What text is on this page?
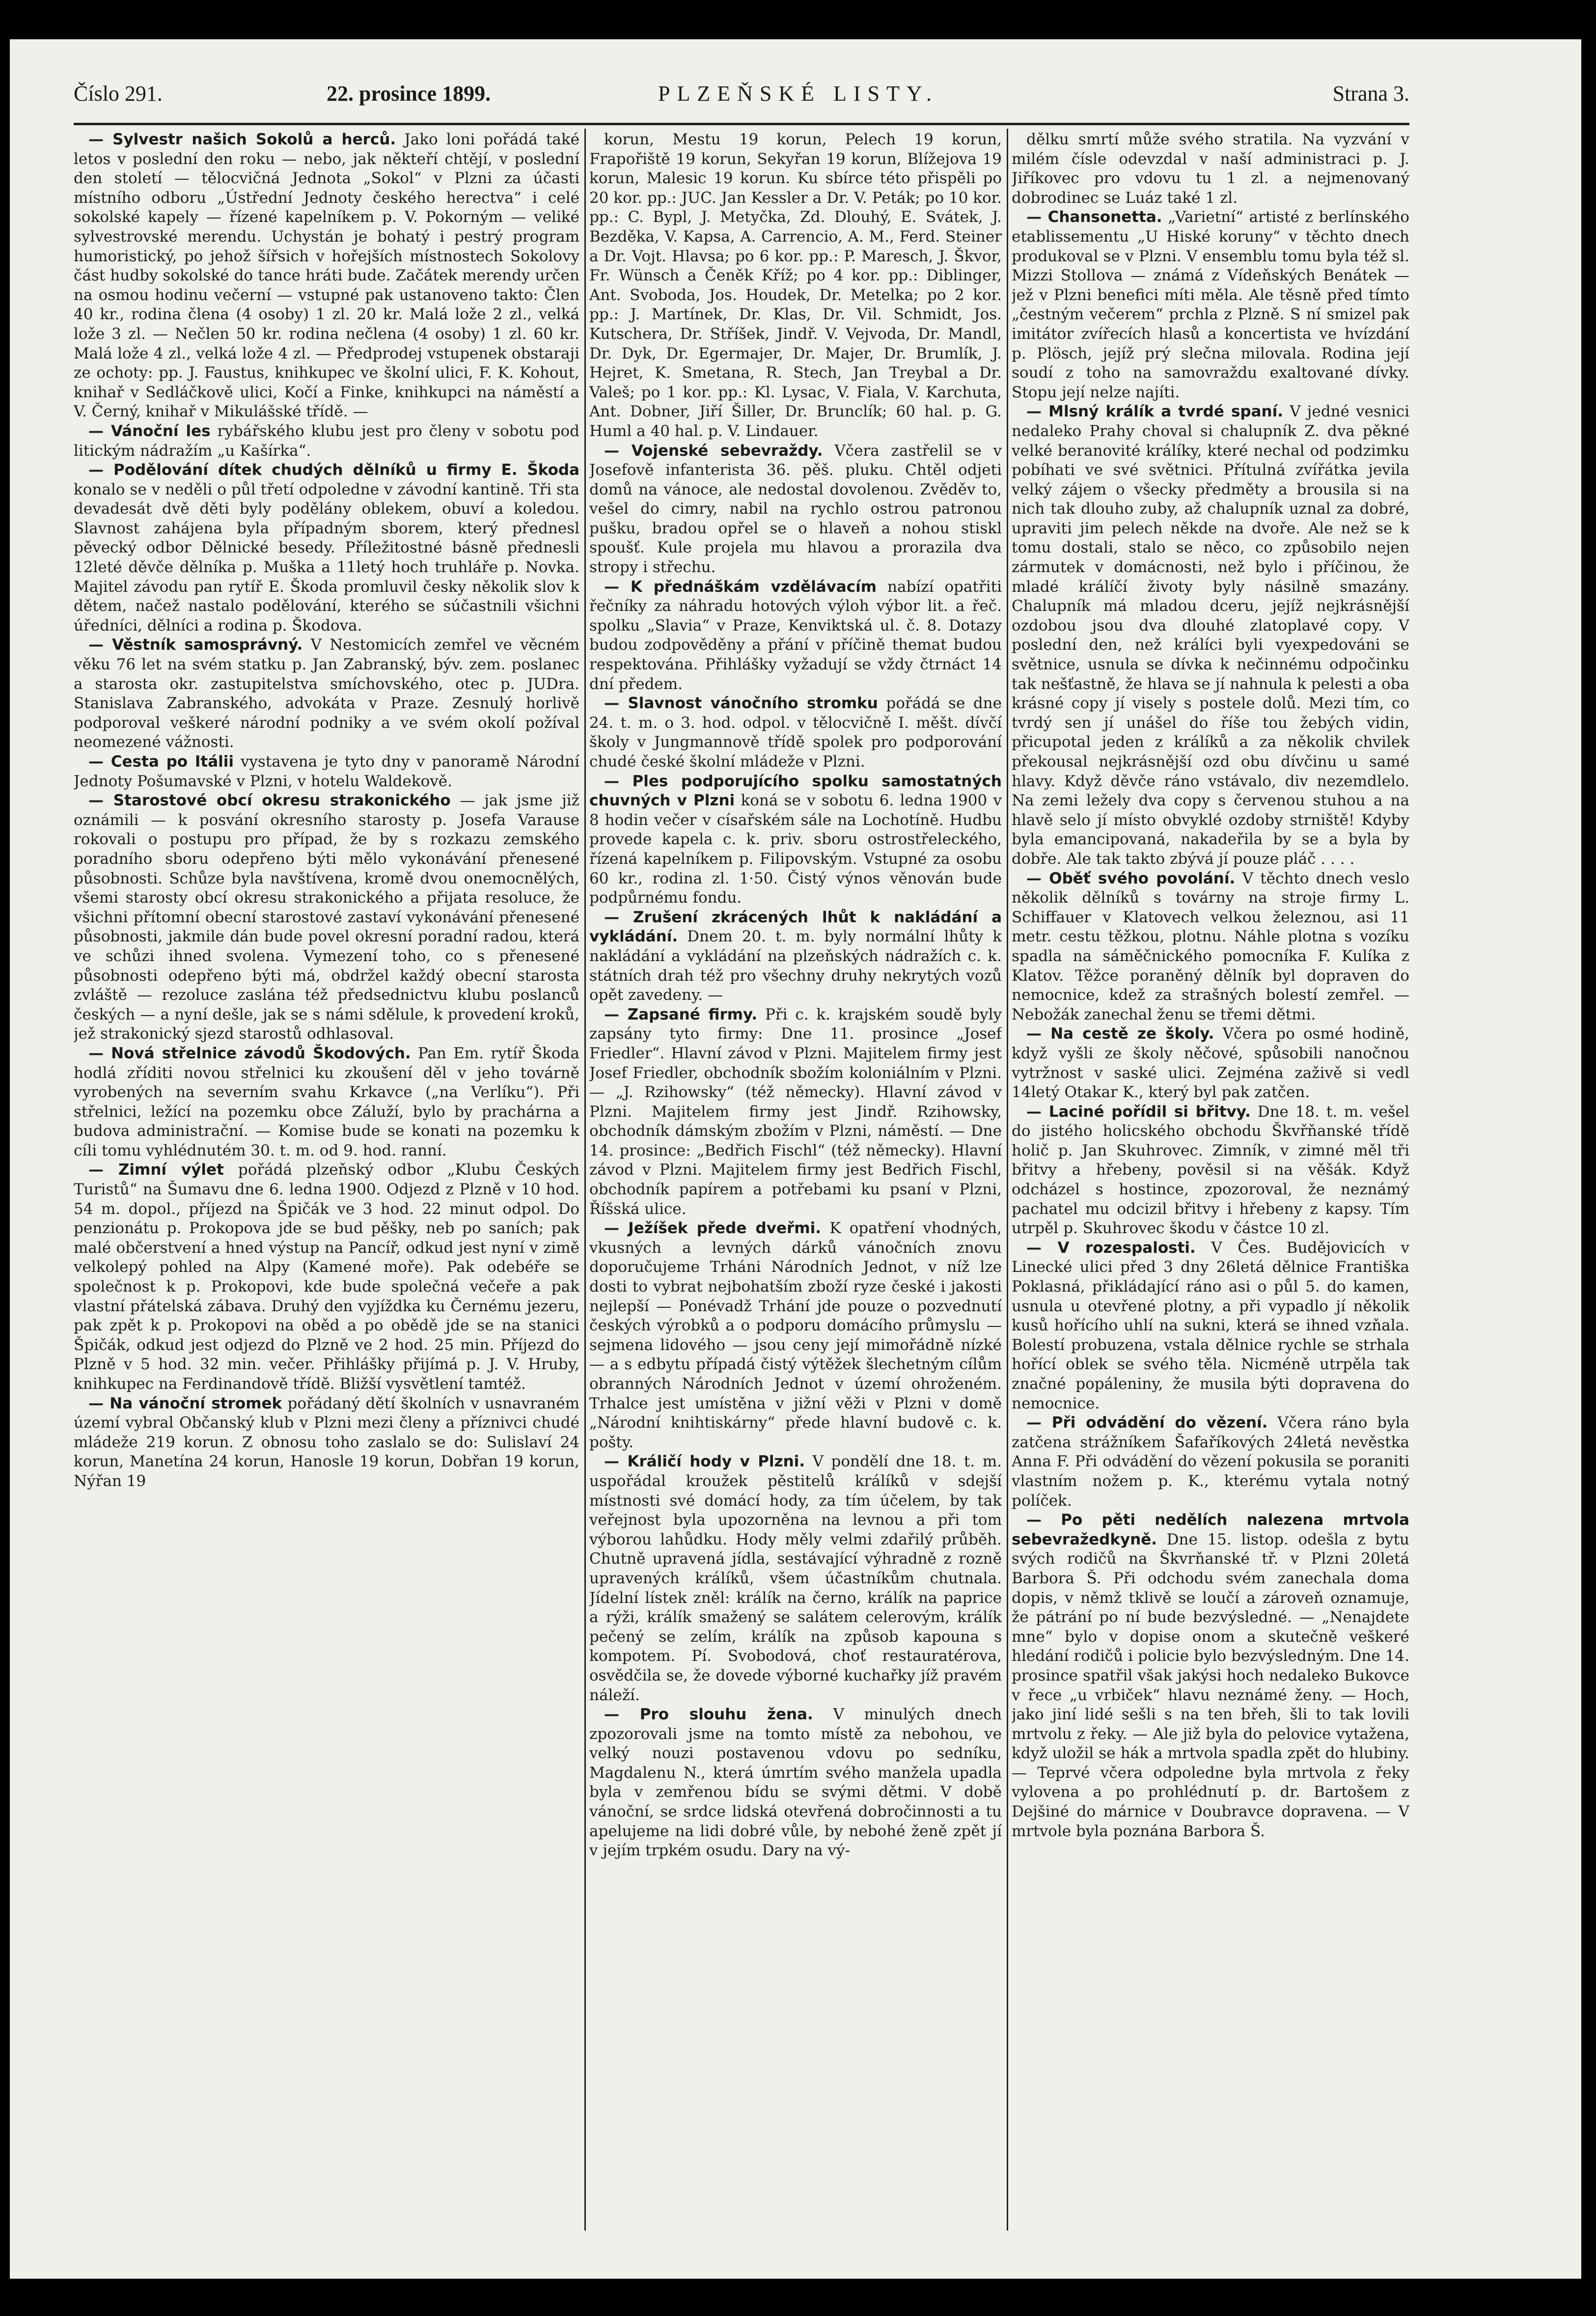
Číslo 291.	22. prosince 1899.	PLZEŇSKÉ LISTY.	Strana 3.

— Sylvestr našich Sokolů a herců. Jako loni pořádá také letos v poslední den roku — nebo, jak někteří chtějí, v poslední den století — tělocvičná Jednota „Sokol“ v Plzni za účasti místního odboru „Ústřední Jednoty českého herectva“ i celé sokolské kapely — řízené kapelníkem p. V. Pokorným — veliké sylvestrovské merendu. Uchystán je bohatý i pestrý program humoristický, po jehož šířsich v hořejších místnostech Sokolovy část hudby sokolské do tance hráti bude. Začátek merendy určen na osmou hodinu večerní — vstupné pak ustanoveno takto: Člen 40 kr., rodina člena (4 osoby) 1 zl. 20 kr. Malá lože 2 zl., velká lože 3 zl. — Nečlen 50 kr. rodina nečlena (4 osoby) 1 zl. 60 kr. Malá lože 4 zl., velká lože 4 zl. — Předprodej vstupenek obstaraji ze ochoty: pp. J. Faustus, knihkupec ve školní ulici, F. K. Kohout, knihař v Sedláčkově ulici, Kočí a Finke, knihkupci na náměstí a V. Černý, knihař v Mikulášské třídě. —

— Vánoční les rybářského klubu jest pro členy v sobotu pod litickým nádražím „u Kašírka“.

— Podělování dítek chudých dělníků u firmy E. Škoda konalo se v neděli o půl třetí odpoledne v závodní kantině. Tři sta devadesát dvě děti byly podělány oblekem, obuví a koledou. Slavnost zahájena byla případným sborem, který přednesl pěvecký odbor Dělnické besedy. Příležitostné básně přednesli 12leté děvče dělníka p. Muška a 11letý hoch truhláře p. Novka. Majitel závodu pan rytíř E. Škoda promluvil česky několik slov k dětem, načež nastalo podělování, kterého se súčastnili všichni úředníci, dělníci a rodina p. Škodova.

— Věstník samosprávný. V Nestomicích zemřel ve věcném věku 76 let na svém statku p. Jan Zabranský, býv. zem. poslanec a starosta okr. zastupitelstva smíchovského, otec p. JUDra. Stanislava Zabranského, advokáta v Praze. Zesnulý horlivě podporoval veškeré národní podniky a ve svém okolí požíval neomezené vážnosti.

— Cesta po Itálii vystavena je tyto dny v panoramě Národní Jednoty Pošumavské v Plzni, v hotelu Waldekově.

— Starostové obcí okresu strakonického — jak jsme již oznámili — k posvání okresního starosty p. Josefa Varause rokovali o postupu pro případ, že by s rozkazu zemského poradního sboru odepřeno býti mělo vykonávání přenesené působnosti. Schůze byla navštívena, kromě dvou onemocnělých, všemi starosty obcí okresu strakonického a přijata resoluce, že všichni přítomní obecní starostové zastaví vykonávání přenesené působnosti, jakmile dán bude povel okresní poradní radou, která ve schůzi ihned svolena. Vymezení toho, co s přenesené působnosti odepřeno býti má, obdržel každý obecní starosta zvláště — rezoluce zaslána též předsednictvu klubu poslanců českých — a nyní dešle, jak se s námi sdělule, k provedení kroků, jež strakonický sjezd starostů odhlasoval.

— Nová střelnice závodů Škodových. Pan Em. rytíř Škoda hodlá zříditi novou střelnici ku zkoušení děl v jeho továrně vyrobených na severním svahu Krkavce („na Verlíku“). Při střelnici, ležící na pozemku obce Záluží, bylo by prachárna a budova administrační. — Komise bude se konati na pozemku k cíli tomu vyhlédnutém 30. t. m. od 9. hod. ranní.

— Zimní výlet pořádá plzeňský odbor „Klubu Českých Turistů“ na Šumavu dne 6. ledna 1900. Odjezd z Plzně v 10 hod. 54 m. dopol., příjezd na Špičák ve 3 hod. 22 minut odpol. Do penzionátu p. Prokopova jde se bud pěšky, neb po saních; pak malé občerstvení a hned výstup na Pancíř, odkud jest nyní v zimě velkolepý pohled na Alpy (Kamené moře). Pak odebéře se společnost k p. Prokopovi, kde bude společná večeře a pak vlastní přátelská zábava. Druhý den vyjíždka ku Černému jezeru, pak zpět k p. Prokopovi na oběd a po obědě jde se na stanici Špičák, odkud jest odjezd do Plzně ve 2 hod. 25 min. Příjezd do Plzně v 5 hod. 32 min. večer. Přihlášky přijímá p. J. V. Hruby, knihkupec na Ferdinandově třídě. Bližší vysvětlení tamtéž.

— Na vánoční stromek pořádaný dětí školních v usnavraném území vybral Občanský klub v Plzni mezi členy a příznivci chudé mládeže 219 korun. Z obnosu toho zaslalo se do: Sulislaví 24 korun, Manetína 24 korun, Hanosle 19 korun, Dobřan 19 korun, Nýřan 19

korun, Mestu 19 korun, Pelech 19 korun, Frapořiště 19 korun, Sekyřan 19 korun, Blížejova 19 korun, Malesic 19 korun. Ku sbírce této přispěli po 20 kor. pp.: JUC. Jan Kessler a Dr. V. Peták; po 10 kor. pp.: C. Bypl, J. Metyčka, Zd. Dlouhý, E. Svátek, J. Bezděka, V. Kapsa, A. Carrencio, A. M., Ferd. Steiner a Dr. Vojt. Hlavsa; po 6 kor. pp.: P. Maresch, J. Škvor, Fr. Wünsch a Čeněk Kříž; po 4 kor. pp.: Diblinger, Ant. Svoboda, Jos. Houdek, Dr. Metelka; po 2 kor. pp.: J. Martínek, Dr. Klas, Dr. Vil. Schmidt, Jos. Kutschera, Dr. Stříšek, Jindř. V. Vejvoda, Dr. Mandl, Dr. Dyk, Dr. Egermajer, Dr. Majer, Dr. Brumlík, J. Hejret, K. Smetana, R. Stech, Jan Treybal a Dr. Valeš; po 1 kor. pp.: Kl. Lysac, V. Fiala, V. Karchuta, Ant. Dobner, Jiří Šiller, Dr. Brunclík; 60 hal. p. G. Huml a 40 hal. p. V. Lindauer.

— Vojenské sebevraždy. Včera zastřelil se v Josefově infanterista 36. pěš. pluku. Chtěl odjeti domů na vánoce, ale nedostal dovolenou. Zvěděv to, vešel do cimry, nabil na rychlo ostrou patronou pušku, bradou opřel se o hlaveň a nohou stiskl spoušť. Kule projela mu hlavou a prorazila dva stropy i střechu.

— K přednáškám vzdělávacím nabízí opatřiti řečníky za náhradu hotových výloh výbor lit. a řeč. spolku „Slavia“ v Praze, Kenviktská ul. č. 8. Dotazy budou zodpověděny a přání v příčině themat budou respektována. Přihlášky vyžadují se vždy čtrnáct 14 dní předem.

— Slavnost vánočního stromku pořádá se dne 24. t. m. o 3. hod. odpol. v tělocvičně I. měšt. dívčí školy v Jungmannově třídě spolek pro podporování chudé české školní mládeže v Plzni.

— Ples podporujícího spolku samostatných chuvných v Plzni koná se v sobotu 6. ledna 1900 v 8 hodin večer v císařském sále na Lochotíně. Hudbu provede kapela c. k. priv. sboru ostrostřeleckého, řízená kapelníkem p. Filipovským. Vstupné za osobu 60 kr., rodina zl. 1·50. Čistý výnos věnován bude podpůrnému fondu.

— Zrušení zkrácených lhůt k nakládání a vykládání. Dnem 20. t. m. byly normální lhůty k nakládání a vykládání na plzeňských nádražích c. k. státních drah též pro všechny druhy nekrytých vozů opět zavedeny. —

— Zapsané firmy. Při c. k. krajském soudě byly zapsány tyto firmy: Dne 11. prosince „Josef Friedler“. Hlavní závod v Plzni. Majitelem firmy jest Josef Friedler, obchodník sbožím koloniálním v Plzni. — „J. Rzihowsky“ (též německy). Hlavní závod v Plzni. Majitelem firmy jest Jindř. Rzihowsky, obchodník dámským zbožím v Plzni, náměstí. — Dne 14. prosince: „Bedřich Fischl“ (též německy). Hlavní závod v Plzni. Majitelem firmy jest Bedřich Fischl, obchodník papírem a potřebami ku psaní v Plzni, Říšská ulice.

— Ježíšek přede dveřmi. K opatření vhodných, vkusných a levných dárků vánočních znovu doporučujeme Trháni Národních Jednot, v níž lze dosti to vybrat nejbohatším zboží ryze české i jakosti nejlepší — Ponévadž Trhání jde pouze o pozvednutí českých výrobků a o podporu domácího průmyslu — sejmena lidového — jsou ceny její mimořádně nízké — a s edbytu případá čistý výtěžek šlechetným cílům obranných Národních Jednot v území ohroženém. Trhalce jest umístěna v jižní věži v Plzni v domě „Národní knihtiskárny“ přede hlavní budově c. k. pošty.

— Králičí hody v Plzni. V pondělí dne 18. t. m. uspořádal kroužek pěstitelů králíků v sdejší místnosti své domácí hody, za tím účelem, by tak veřejnost byla upozorněna na levnou a při tom výborou lahůdku. Hody měly velmi zdařilý průběh. Chutně upravená jídla, sestávající výhradně z rozně upravených králíků, všem účastníkům chutnala. Jídelní lístek zněl: králík na černo, králík na paprice a rýži, králík smažený se salátem celerovým, králík pečený se zelím, králík na způsob kapouna s kompotem. Pí. Svobodová, choť restauratérova, osvědčila se, že dovede výborné kuchařky jíž pravém náleží.

— Pro slouhu žena. V minulých dnech zpozorovali jsme na tomto místě za nebohou, ve velký nouzi postavenou vdovu po sedníku, Magdalenu N., která úmrtím svého manžela upadla byla v zemřenou bídu se svými dětmi. V době vánoční, se srdce lidská otevřená dobročinnosti a tu apelujeme na lidi dobré vůle, by nebohé ženě zpět jí v jejím trpkém osudu. Dary na vý-

dělku smrtí může svého stratila. Na vyzvání v milém čísle odevzdal v naší administraci p. J. Jiříkovec pro vdovu tu 1 zl. a nejmenovaný dobrodinec se Luáz také 1 zl.

— Chansonetta. „Varietní“ artisté z berlínského etablissementu „U Hiské koruny“ v těchto dnech produkoval se v Plzni. V ensemblu tomu byla též sl. Mizzi Stollova — známá z Vídeňských Benátek — jež v Plzni benefici míti měla. Ale těsně před tímto „čestným večerem“ prchla z Plzně. S ní smizel pak imitátor zvířecích hlasů a koncertista ve hvízdání p. Plösch, jejíž prý slečna milovala. Rodina její soudí z toho na samovraždu exaltované dívky. Stopu její nelze najíti.

— Mlsný králík a tvrdé spaní. V jedné vesnici nedaleko Prahy choval si chalupník Z. dva pěkné velké beranovité králíky, které nechal od podzimku pobíhati ve své světnici. Přítulná zvířátka jevila velký zájem o všecky předměty a brousila si na nich tak dlouho zuby, až chalupník uznal za dobré, upraviti jim pelech někde na dvoře. Ale než se k tomu dostali, stalo se něco, co způsobilo nejen zármutek v domácnosti, než bylo i příčinou, že mladé králíčí životy byly násilně smazány. Chalupník má mladou dceru, jejíž nejkrásnější ozdobou jsou dva dlouhé zlatoplavé copy. V poslední den, než králíci byli vyexpedováni se světnice, usnula se dívka k nečinnému odpočinku tak nešťastně, že hlava se jí nahnula k pelesti a oba krásné copy jí visely s postele dolů. Mezi tím, co tvrdý sen jí unášel do říše tou žebých vidin, přicupotal jeden z králíků a za několik chvilek překousal nejkrásnější ozd obu dívčinu u samé hlavy. Když děvče ráno vstávalo, div nezemdlelo. Na zemi ležely dva copy s červenou stuhou a na hlavě selo jí místo obvyklé ozdoby strniště! Kdyby byla emancipovaná, nakadeřila by se a byla by dobře. Ale tak takto zbývá jí pouze pláč . . . .

— Oběť svého povolání. V těchto dnech veslo několik dělníků s továrny na stroje firmy L. Schiffauer v Klatovech velkou železnou, asi 11 metr. cestu těžkou, plotnu. Náhle plotna s vozíku spadla na sáměčnického pomocníka F. Kulíka z Klatov. Těžce poraněný dělník byl dopraven do nemocnice, kdež za strašných bolestí zemřel. — Nebožák zanechal ženu se třemi dětmi.

— Na cestě ze školy. Včera po osmé hodině, když vyšli ze školy něčové, spůsobili nanočnou vytržnost v saské ulici. Zejména zaživě si vedl 14letý Otakar K., který byl pak zatčen.

— Laciné pořídil si břitvy. Dne 18. t. m. vešel do jistého holicského obchodu Škvřňanské třídě holič p. Jan Skuhrovec. Zimník, v zimné měl tři břitvy a hřebeny, pověsil si na věšák. Když odcházel s hostince, zpozoroval, že neznámý pachatel mu odcizil břitvy i hřebeny z kapsy. Tím utrpěl p. Skuhrovec škodu v částce 10 zl.

— V rozespalosti. V Čes. Budějovicích v Linecké ulici před 3 dny 26letá dělnice Františka Poklasná, přikládající ráno asi o půl 5. do kamen, usnula u otevřené plotny, a při vypadlo jí několik kusů hořícího uhlí na sukni, která se ihned vzňala. Bolestí probuzena, vstala dělnice rychle se strhala hořící oblek se svého těla. Nicméně utrpěla tak značné popáleniny, že musila býti dopravena do nemocnice.

— Při odvádění do vězení. Včera ráno byla zatčena strážníkem Šafaříkových 24letá nevěstka Anna F. Při odvádění do vězení pokusila se poraniti vlastním nožem p. K., kterému vytala notný políček.

— Po pěti nedělích nalezena mrtvola sebevražedkyně. Dne 15. listop. odešla z bytu svých rodičů na Škvrňanské tř. v Plzni 20letá Barbora Š. Při odchodu svém zanechala doma dopis, v němž tklivě se loučí a zároveň oznamuje, že pátrání po ní bude bezvýsledné. — „Nenajdete mne“ bylo v dopise onom a skutečně veškeré hledání rodičů i policie bylo bezvýsledným. Dne 14. prosince spatřil však jakýsi hoch nedaleko Bukovce v řece „u vrbiček“ hlavu neznámé ženy. — Hoch, jako jiní lidé sešli s na ten břeh, šli to tak lovili mrtvolu z řeky. — Ale již byla do pelovice vytažena, když uložil se hák a mrtvola spadla zpět do hlubiny. — Teprvé včera odpoledne byla mrtvola z řeky vylovena a po prohlédnutí p. dr. Bartošem z Dejšiné do márnice v Doubravce dopravena. — V mrtvole byla poznána Barbora Š.
